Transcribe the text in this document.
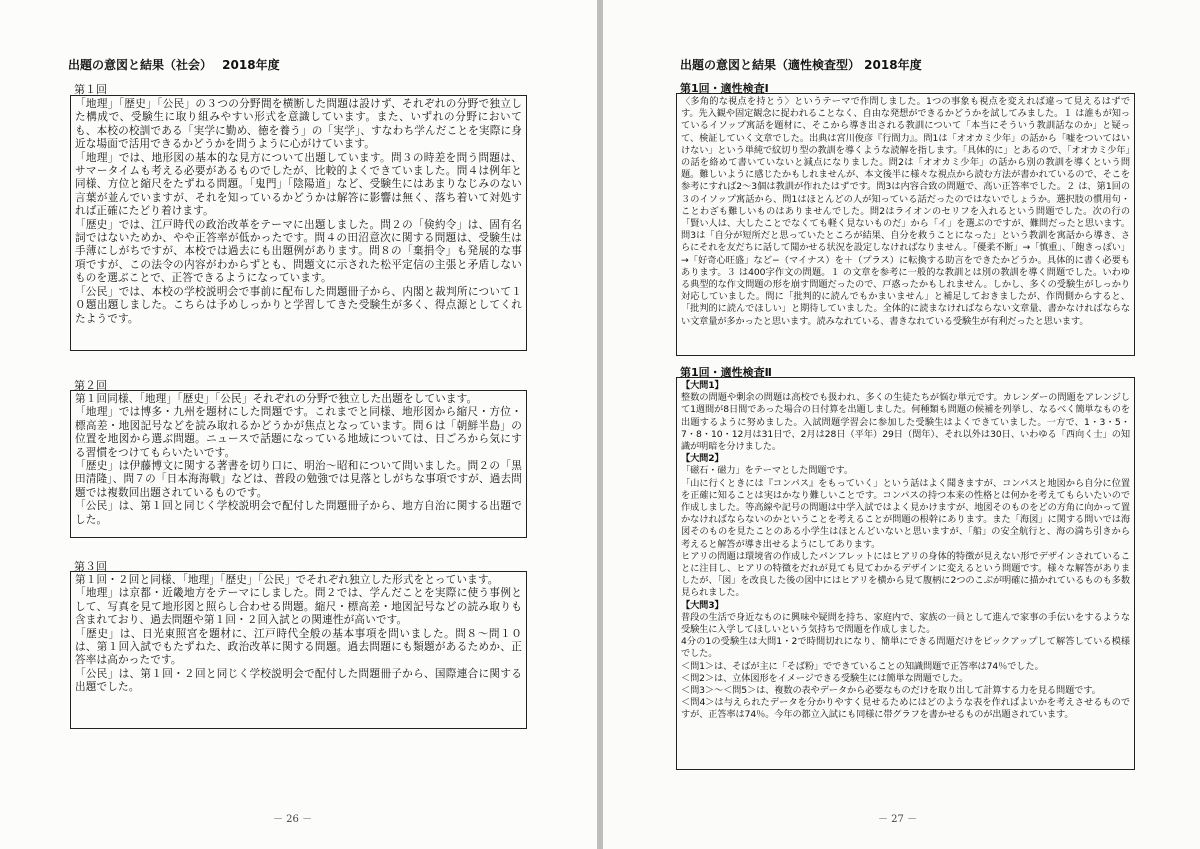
出題の意図と結果（社会）　 2018年度
第１回

「地理」「歴史」「公民」の３つの分野間を横断した問題は設けず、それぞれの分野で独立した構成で、受験生に取り組みやすい形式を意識しています。また、いずれの分野においても、本校の校訓である「実学に勤め、徳を養う」の「実学」、すなわち学んだことを実際に身近な場面で活用できるかどうかを問うように心がけています。

「地理」では、地形図の基本的な見方について出題しています。問３の時差を問う問題は、サマータイムも考える必要があるものでしたが、比較的よくできていました。問４は例年と同様、方位と縮尺をたずねる問題。「鬼門」「陰陽道」など、受験生にはあまりなじみのない言葉が並んでいますが、それを知っているかどうかは解答に影響は無く、落ち着いて対処すれば正確にたどり着けます。

「歴史」では、江戸時代の政治改革をテーマに出題しました。問２の「倹約令」は、固有名詞ではないためか、やや正答率が低かったです。問４の田沼意次に関する問題は、受験生は手薄にしがちですが、本校では過去にも出題例があります。問８の「棄捐令」も発展的な事項ですが、この法令の内容がわからずとも、問題文に示された松平定信の主張と矛盾しないものを選ぶことで、正答できるようになっています。

「公民」では、本校の学校説明会で事前に配布した問題冊子から、内閣と裁判所について１０題出題しました。こちらは予めしっかりと学習してきた受験生が多く、得点源としてくれたようです。

第２回

第１回同様、「地理」「歴史」「公民」それぞれの分野で独立した出題をしています。

「地理」では博多・九州を題材にした問題です。これまでと同様、地形図から縮尺・方位・標高差・地図記号などを読み取れるかどうかが焦点となっています。問６は「朝鮮半島」の位置を地図から選ぶ問題。ニュースで話題になっている地域については、日ごろから気にする習慣をつけてもらいたいです。

「歴史」は伊藤博文に関する著書を切り口に、明治～昭和について問いました。問２の「黒田清隆」、問７の「日本海海戦」などは、普段の勉強では見落としがちな事項ですが、過去問題では複数回出題されているものです。

「公民」は、第１回と同じく学校説明会で配付した問題冊子から、地方自治に関する出題でした。

第３回

第１回・２回と同様、「地理」「歴史」「公民」でそれぞれ独立した形式をとっています。

「地理」は京都・近畿地方をテーマにしました。問２では、学んだことを実際に使う事例として、写真を見て地形図と照らし合わせる問題。縮尺・標高差・地図記号などの読み取りも含まれており、過去問題や第１回・２回入試との関連性が高いです。

「歴史」は、日光東照宮を題材に、江戸時代全般の基本事項を問いました。問８～問１０は、第１回入試でもたずねた、政治改革に関する問題。過去問題にも類題があるためか、正答率は高かったです。

「公民」は、第１回・２回と同じく学校説明会で配付した問題冊子から、国際連合に関する出題でした。

－ 26 －
出題の意図と結果（適性検査型） 2018年度
第1回・適性検査Ⅰ

〈多角的な視点を持とう〉というテーマで作問しました。1つの事象も視点を変えれば違って見えるはずです。先入観や固定観念に捉われることなく、自由な発想ができるかどうかを試してみました。１ は誰もが知っているイソップ寓話を題材に、そこから導き出される教訓について「本当にそういう教訓話なのか」と疑って、検証していく文章でした。出典は宮川俊彦『行間力』。問1は「オオカミ少年」の話から「嘘をついてはいけない」という単純で紋切り型の教訓を導くような読解を指します。「具体的に」とあるので、「オオカミ少年」の話を絡めて書いていないと減点になりました。問2は「オオカミ少年」の話から別の教訓を導くという問題。難しいように感じたかもしれませんが、本文後半に様々な視点から読む方法が書かれているので、そこを参考にすれば2～3個は教訓が作れたはずです。問3は内容合致の問題で、高い正答率でした。２ は、第1回の３のイソップ寓話から、問1はほとんどの人が知っている話だったのではないでしょうか。選択肢の慣用句・ことわざも難しいものはありませんでした。問2はライオンのセリフを入れるという問題でした。次の行の「賢い人は、大したことでなくても軽く見ないものだ」から「イ」を選ぶのですが、難問だったと思います。問3は「自分が短所だと思っていたところが結果、自分を救うことになった」という教訓を寓話から導き、さらにそれを友だちに話して聞かせる状況を設定しなければなりません。「優柔不断」→「慎重」、「飽きっぽい」→「好奇心旺盛」など−（マイナス）を＋（プラス）に転換する助言をできたかどうか。具体的に書く必要もあります。３ は400字作文の問題。１ の文章を参考に一般的な教訓とは別の教訓を導く問題でした。いわゆる典型的な作文問題の形を崩す問題だったので、戸惑ったかもしれません。しかし、多くの受験生がしっかり対応していました。問に「批判的に読んでもかまいません」と補足しておきましたが、作問側からすると、「批判的に読んでほしい」と期待していました。全体的に読まなければならない文章量、書かなければならない文章量が多かったと思います。読みなれている、書きなれている受験生が有利だったと思います。

第1回・適性検査Ⅱ

【大問1】

整数の問題や剰余の問題は高校でも扱われ、多くの生徒たちが悩む単元です。カレンダーの問題をアレンジして1週間が8日間であった場合の日付算を出題しました。何種類も問題の候補を列挙し、なるべく簡単なものを出題するように努めました。入試問題学習会に参加した受験生はよくできていました。一方で、1・3・5・7・8・10・12月は31日で、2月は28日（平年）29日（閏年）、それ以外は30日、いわゆる「西向く士」の知識が明暗を分けました。

【大問2】

「磁石・磁力」をテーマとした問題です。

「山に行くときには『コンパス』をもっていく」という話はよく聞きますが、コンパスと地図から自分に位置を正確に知ることは実はかなり難しいことです。コンパスの持つ本来の性格とは何かを考えてもらいたいので作成しました。等高線や記号の問題は中学入試ではよく見かけますが、地図そのものをどの方角に向かって置かなければならないのかということを考えることが問題の根幹にあります。また「海図」に関する問いでは海図そのものを見たことのある小学生はほとんどいないと思いますが、「船」の安全航行と、海の満ち引きから考えると解答が導き出せるようにしてあります。

ヒアリの問題は環境省の作成したパンフレットにはヒアリの身体的特徴が見えない形でデザインされていることに注目し、ヒアリの特徴をだれが見ても見てわかるデザインに変えるという問題です。様々な解答がありましたが、「図」を改良した後の図中にはヒアリを横から見て腹柄に2つのこぶが明確に描かれているものも多数見られました。

【大問3】

普段の生活で身近なものに興味や疑問を持ち、家庭内で、家族の一員として進んで家事の手伝いをするような受験生に入学してほしいという気持ちで問題を作成しました。

4分の1の受験生は大問1・2で時間切れになり、簡単にできる問題だけをピックアップして解答している模様でした。

＜問1＞は、そばが主に「そば粉」でできていることの知識問題で正答率は74％でした。

＜問2＞は、立体図形をイメージできる受験生には簡単な問題でした。

＜問3＞～＜問5＞は、複数の表やデータから必要なものだけを取り出して計算する力を見る問題です。

＜問4＞は与えられたデータを分かりやすく見せるためにはどのような表を作ればよいかを考えさせるものですが、正答率は74％。今年の都立入試にも同様に帯グラフを書かせるものが出題されています。

－ 27 －
